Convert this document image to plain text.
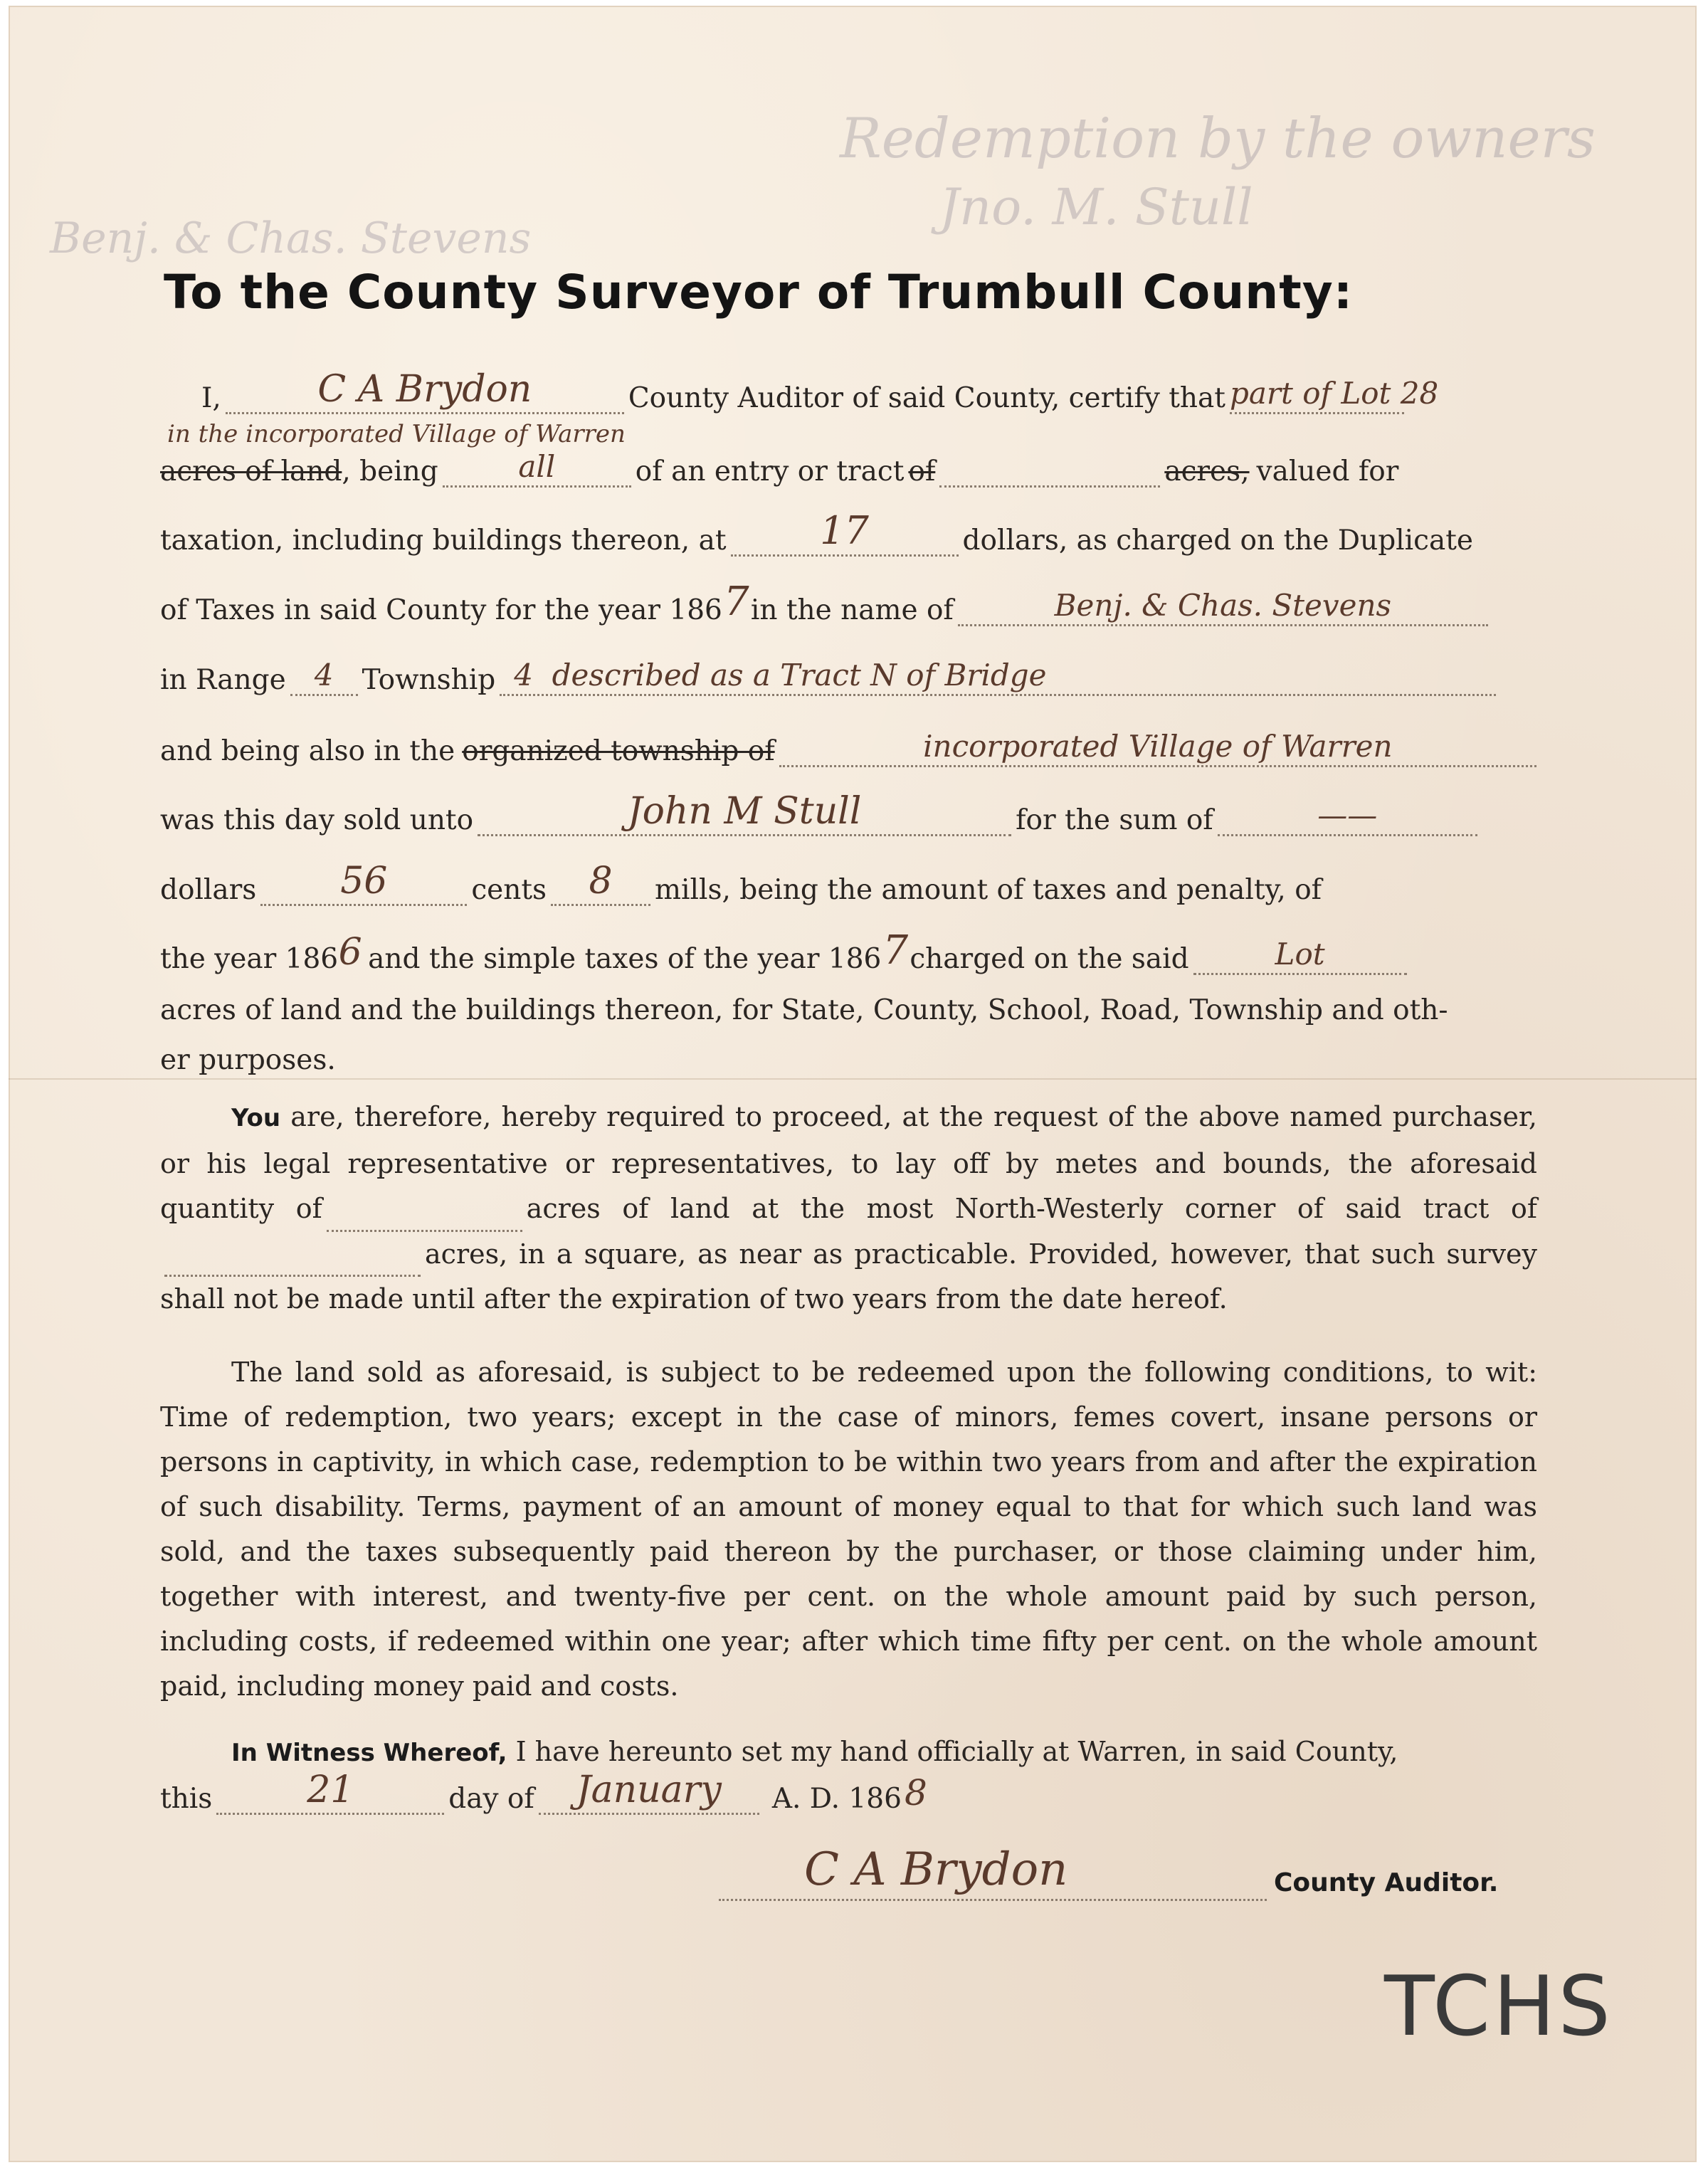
Redemption by the owners
Jno. M. Stull
Benj. & Chas. Stevens
To the County Surveyor of Trumbull County:
I,	C A Brydon	County Auditor of said County, certify that part of Lot 28
in the incorporated Village of Warren
acres of land , being	all	of an entry or tract of	acres, valued for
taxation, including buildings thereon, at	17	dollars, as charged on the Duplicate
of Taxes in said County for the year 186 7 in the name of	Benj. & Chas. Stevens
in Range 4	Township 4 described as a Tract N of Bridge
and being also in the organized township of	incorporated Village of Warren
was this day sold unto	John M Stull	for the sum of	——
dollars	56	cents	8	mills, being the amount of taxes and penalty, of
the year 186 6 and the simple taxes of the year 186 7 charged on the said	Lot
acres of land and the buildings thereon, for State, County, School, Road, Township and oth-
er purposes.
You are, therefore, hereby required to proceed, at the request of the above named purchaser, or his legal representative or representatives, to lay off by metes and bounds, the aforesaid quantity of	acres of land at the most North-Westerly corner of said tract ofacres, in a square, as near as practicable. Provided, however, that such survey shall not be made until after the expiration of two years from the date hereof.
The land sold as aforesaid, is subject to be redeemed upon the following conditions, to wit: Time of redemption, two years; except in the case of minors, femes covert, insane persons or persons in captivity, in which case, redemption to be within two years from and after the expiration of such disability. Terms, payment of an amount of money equal to that for which such land was sold, and the taxes subsequently paid thereon by the purchaser, or those claiming under him, together with interest, and twenty-five per cent. on the whole amount paid by such person, including costs, if redeemed within one year; after which time fifty per cent. on the whole amount paid, including money paid and costs.
In Witness Whereof, I have hereunto set my hand officially at Warren, in said County,
this	21	day of	January	A. D. 186 8
C A Brydon	County Auditor.
TCHS
